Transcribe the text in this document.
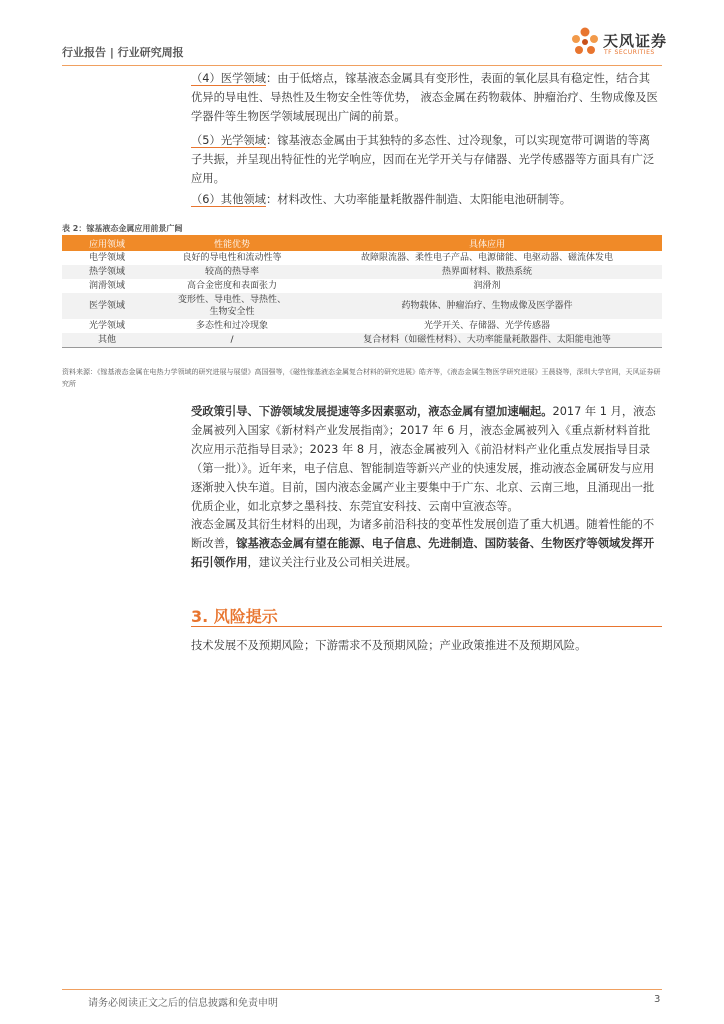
行业报告 | 行业研究周报
天风证券
TF SECURITIES

（4）医学领域：由于低熔点，镓基液态金属具有变形性，表面的氧化层具有稳定性，结合其优异的导电性、导热性及生物安全性等优势， 液态金属在药物载体、肿瘤治疗、生物成像及医学器件等生物医学领域展现出广阔的前景。

（5）光学领域：镓基液态金属由于其独特的多态性、过冷现象，可以实现宽带可调谐的等离子共振，并呈现出特征性的光学响应，因而在光学开关与存储器、光学传感器等方面具有广泛应用。

（6）其他领域：材料改性、大功率能量耗散器件制造、太阳能电池研制等。

表 2：镓基液态金属应用前景广阔
应用领域	性能优势	具体应用
电学领域	良好的导电性和流动性等	故障限流器、柔性电子产品、电源储能、电驱动器、磁流体发电
热学领域	较高的热导率	热界面材料、散热系统
润滑领域	高合金密度和表面张力	润滑剂
医学领域	变形性、导电性、导热性、生物安全性	药物载体、肿瘤治疗、生物成像及医学器件
光学领域	多态性和过冷现象	光学开关、存储器、光学传感器
其他	/	复合材料（如磁性材料）、大功率能量耗散器件、太阳能电池等
资料来源：《镓基液态金属在电热力学领域的研究进展与展望》高国强等，《磁性镓基液态金属复合材料的研究进展》皓齐等，《液态金属生物医学研究进展》王晨骁等，深圳大学官网，天风证券研究所

受政策引导、下游领域发展提速等多因素驱动，液态金属有望加速崛起。2017 年 1 月，液态金属被列入国家《新材料产业发展指南》；2017 年 6 月，液态金属被列入《重点新材料首批次应用示范指导目录》；2023 年 8 月，液态金属被列入《前沿材料产业化重点发展指导目录（第一批）》。近年来，电子信息、智能制造等新兴产业的快速发展，推动液态金属研发与应用逐渐驶入快车道。目前，国内液态金属产业主要集中于广东、北京、云南三地，且涌现出一批优质企业，如北京梦之墨科技、东莞宜安科技、云南中宣液态等。

液态金属及其衍生材料的出现，为诸多前沿科技的变革性发展创造了重大机遇。随着性能的不断改善，镓基液态金属有望在能源、电子信息、先进制造、国防装备、生物医疗等领域发挥开拓引领作用，建议关注行业及公司相关进展。

3. 风险提示

技术发展不及预期风险；下游需求不及预期风险；产业政策推进不及预期风险。

请务必阅读正文之后的信息披露和免责申明	3
